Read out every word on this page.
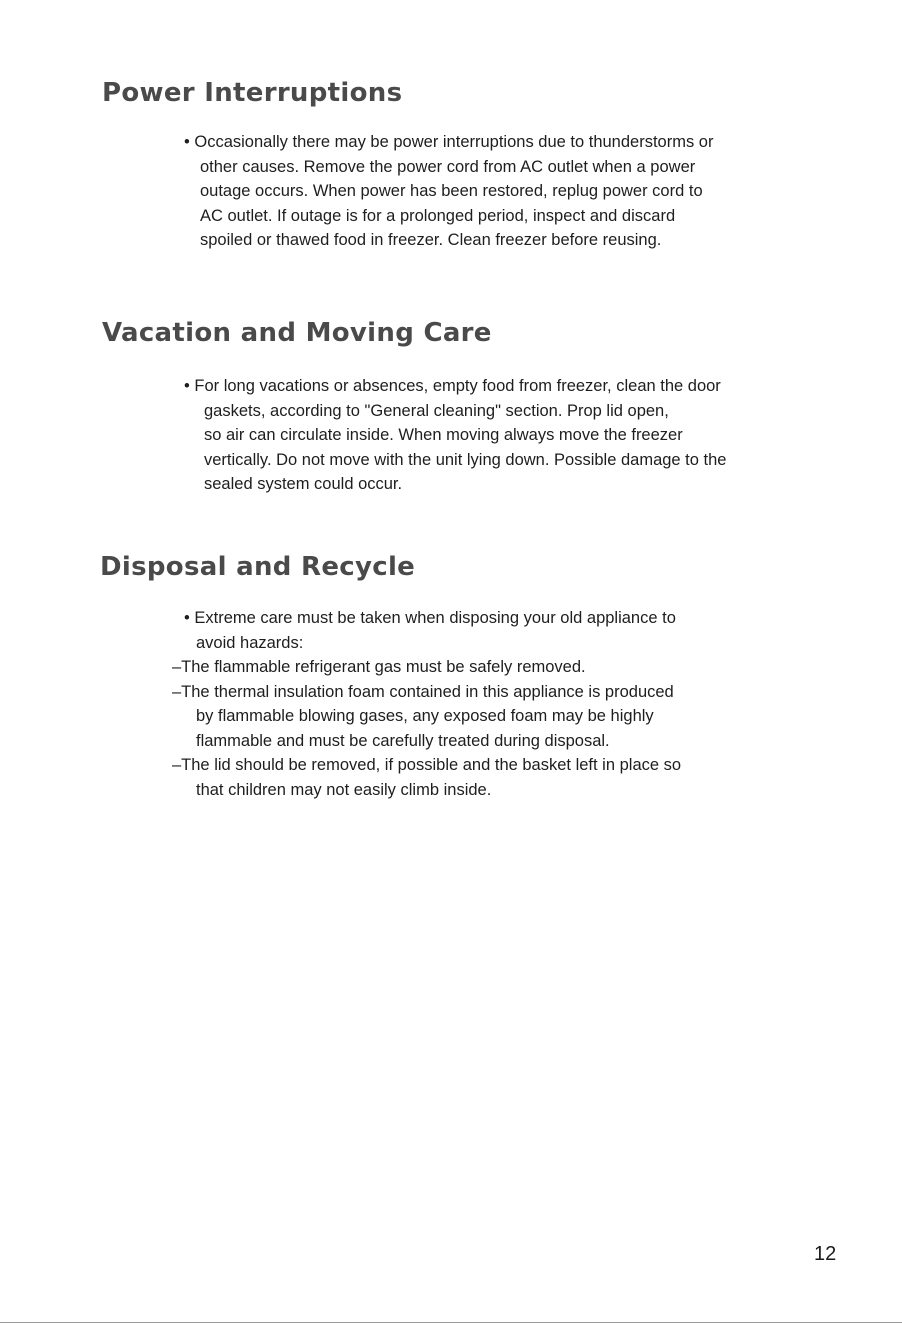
Power Interruptions
• Occasionally there may be power interruptions due to thunderstorms or
other causes. Remove the power cord from AC outlet when a power
outage occurs. When power has been restored, replug power cord to
AC outlet. If outage is for a prolonged period, inspect and discard
spoiled or thawed food in freezer. Clean freezer before reusing.
Vacation and Moving Care
• For long vacations or absences, empty food from freezer, clean the door
gaskets, according to "General cleaning" section. Prop lid open,
so air can circulate inside. When moving always move the freezer
vertically. Do not move with the unit lying down. Possible damage to the
sealed system could occur.
Disposal and Recycle
• Extreme care must be taken when disposing your old appliance to
avoid hazards:
–The flammable refrigerant gas must be safely removed.
–The thermal insulation foam contained in this appliance is produced
by flammable blowing gases, any exposed foam may be highly
flammable and must be carefully treated during disposal.
–The lid should be removed, if possible and the basket left in place so
that children may not easily climb inside.
12
